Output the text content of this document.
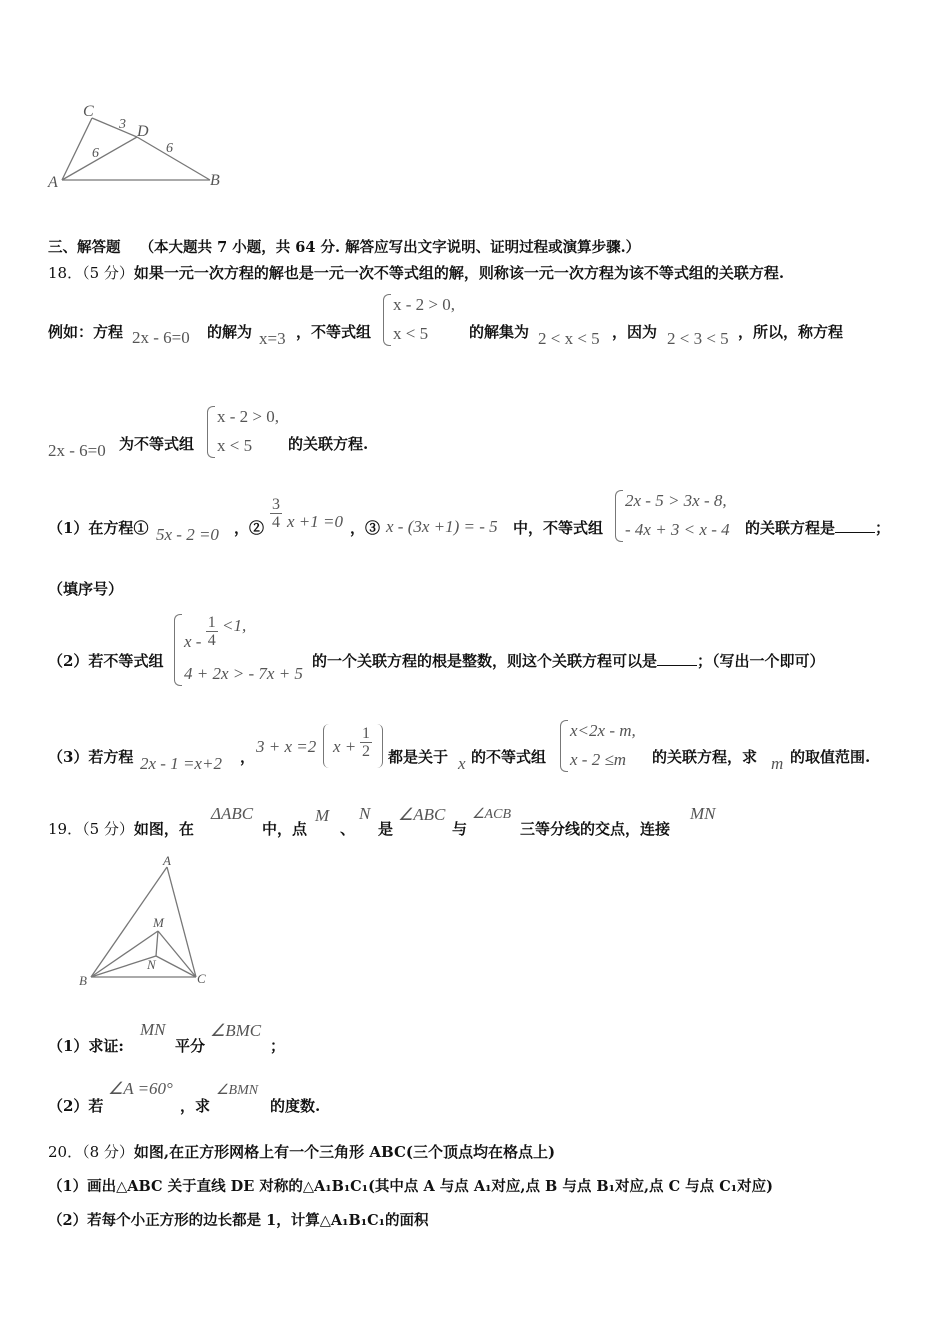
C
D
A	B
3
6	6
三、解答题 （本大题共 7 小题，共 64 分. 解答应写出文字说明、证明过程或演算步骤.）
18．（5 分）如果一元一次方程的解也是一元一次不等式组的解，则称该一元一次方程为该不等式组的关联方程.
例如：方程 2x - 6=0 的解为 x=3 ，不等式组
x - 2 > 0,
x < 5	的解集为 2 < x < 5 ，因为 2 < 3 < 5 ，所以，称方程
2x - 6=0 为不等式组
x - 2 > 0,
x < 5 的关联方程.
（1）在方程① 5x - 2 =0 ，② $\frac{3}{4}$ x +1 =0 ，③ x - (3x +1) = - 5 中，不等式组
2x - 5 > 3x - 8,
- 4x + 3 < x - 4 的关联方程是	；
（填序号）
（2）若不等式组
$x - \frac{1}{4} <1$,
4 + 2x > - 7x + 5
的一个关联方程的根是整数，则这个关联方程可以是	；（写出一个即可）
（3）若方程 2x - 1 =x+2 ，
3 + x =2 $x + \frac{1}{2}$ 都是关于 x 的不等式组
x<2x - m,
x - 2 ≤m 的关联方程，求 m 的取值范围.
19．（5 分）如图，在
ΔABC
中，点
M
、
N
是
∠ABC
与
∠ACB
三等分线的交点，连接
MN
A
M
N
B	C
（1）求证:
MN
平分
∠BMC
；
（2）若
∠A =60°
，求
∠BMN
的度数.
20．（8 分）如图,在正方形网格上有一个三角形 ABC(三个顶点均在格点上)
（1）画出△ABC 关于直线 DE 对称的△A₁B₁C₁(其中点 A 与点 A₁对应,点 B 与点 B₁对应,点 C 与点 C₁对应)
（2）若每个小正方形的边长都是 1，计算△A₁B₁C₁的面积
